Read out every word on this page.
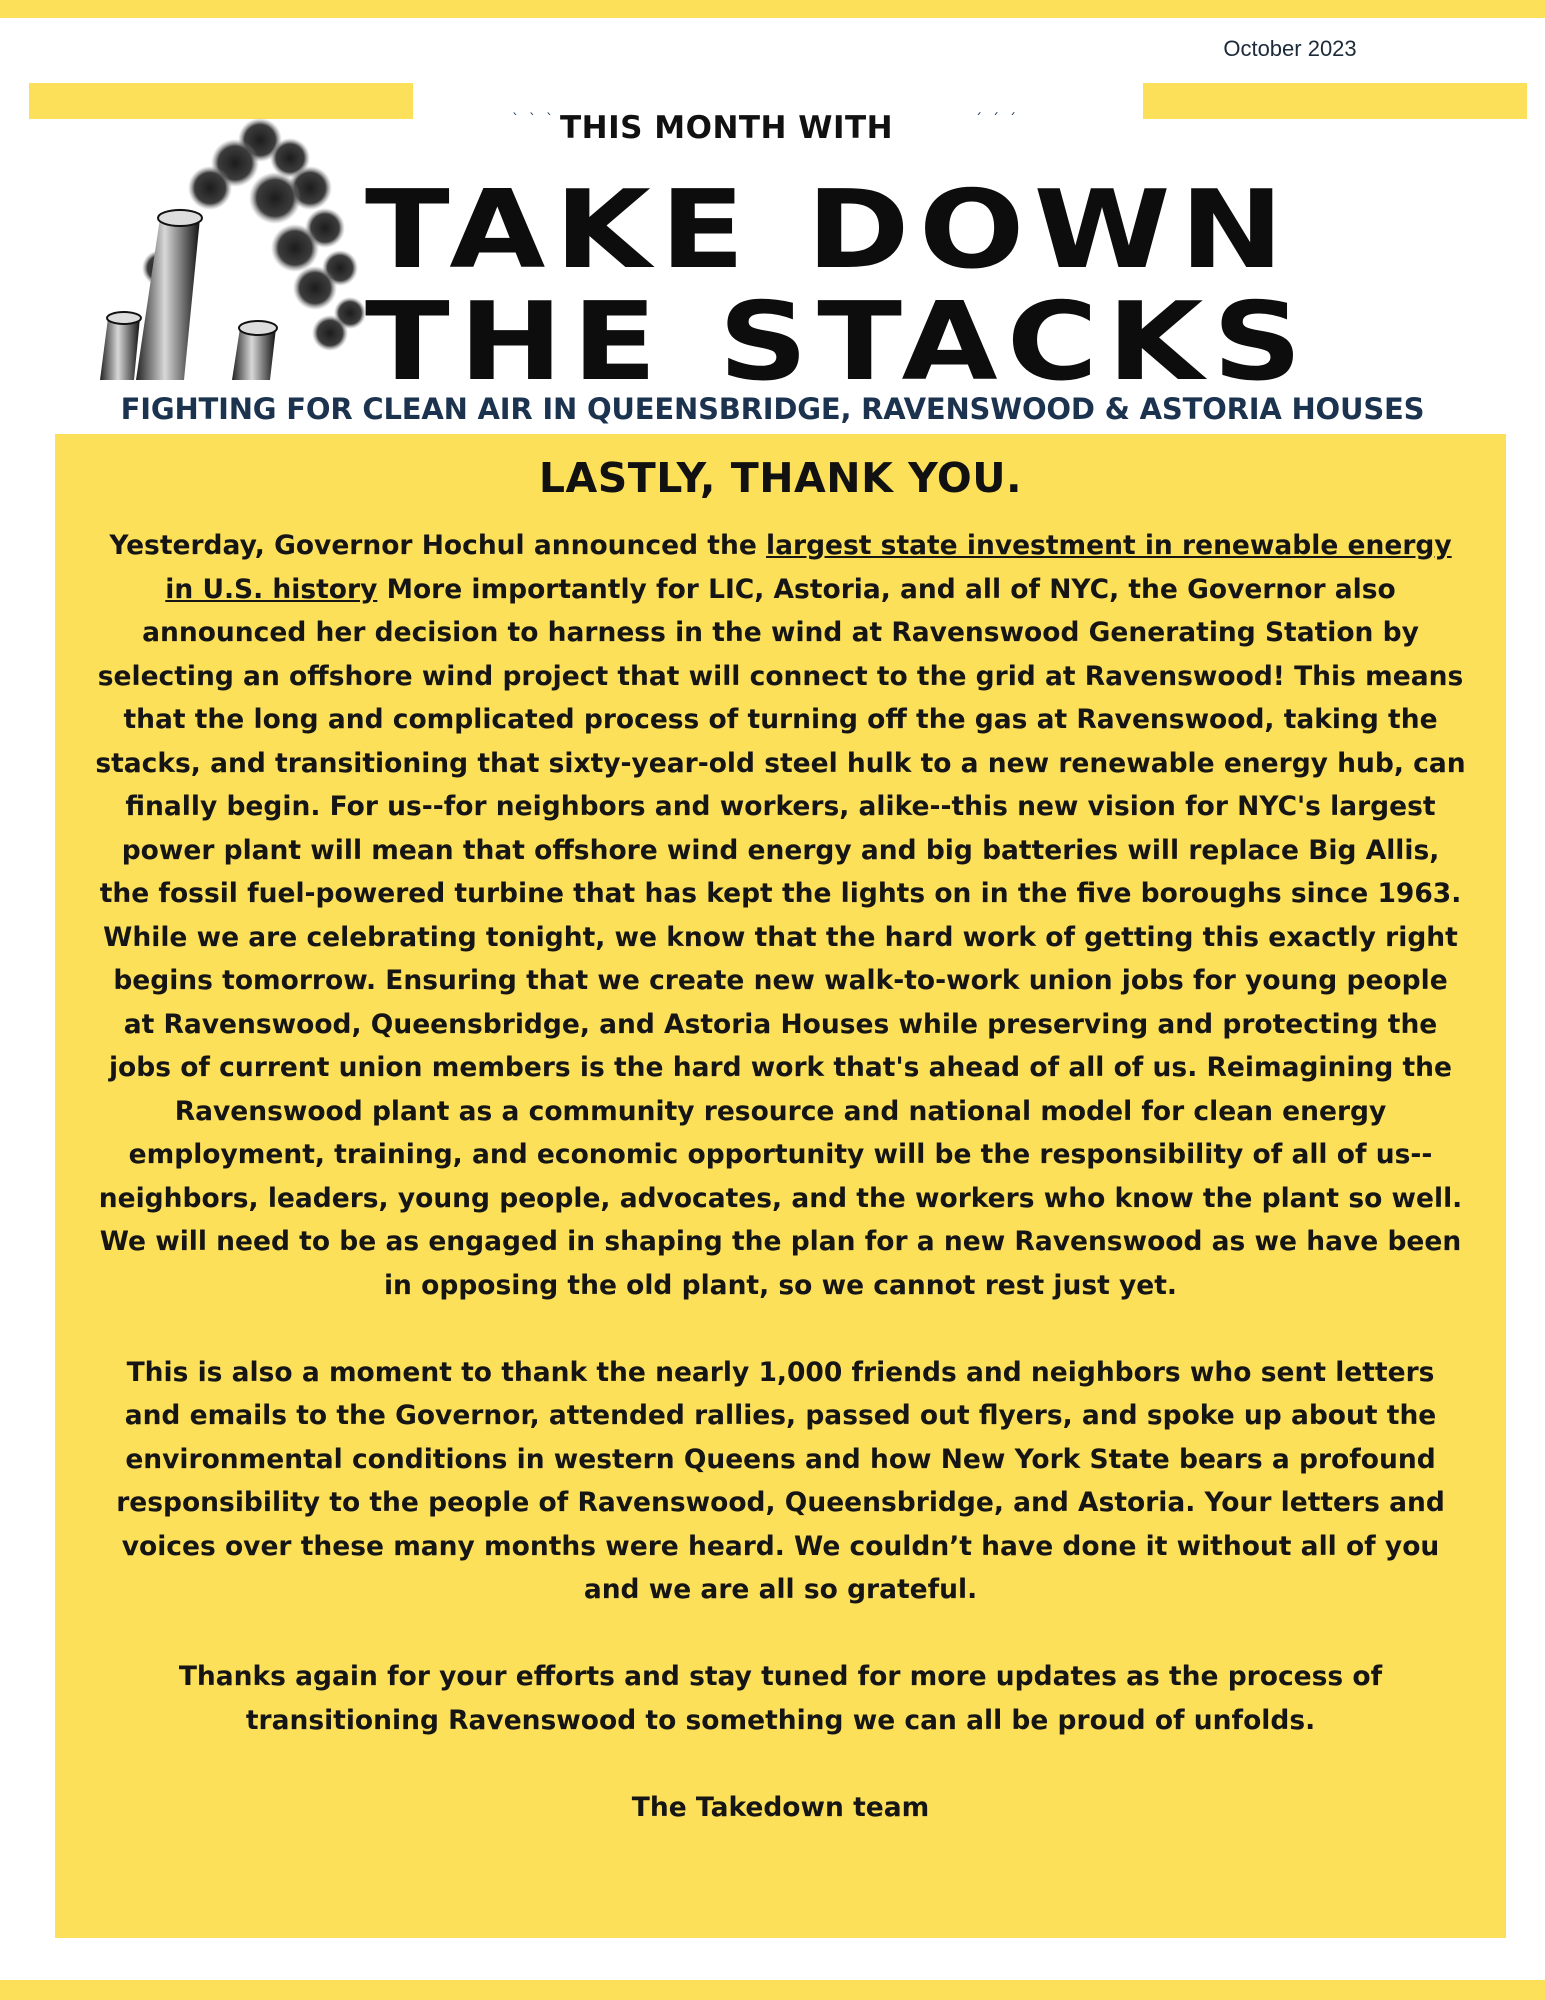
October 2023
ˋˋˋ	ˊˊˊ
THIS MONTH WITH
TAKE DOWN
THE STACKS
FIGHTING FOR CLEAN AIR IN QUEENSBRIDGE, RAVENSWOOD & ASTORIA HOUSES
LASTLY, THANK YOU.

Yesterday, Governor Hochul announced the largest state investment in renewable energy in U.S. history More importantly for LIC, Astoria, and all of NYC, the Governor also announced her decision to harness in the wind at Ravenswood Generating Station by selecting an offshore wind project that will connect to the grid at Ravenswood! This means that the long and complicated process of turning off the gas at Ravenswood, taking the stacks, and transitioning that sixty-year-old steel hulk to a new renewable energy hub, can finally begin. For us--for neighbors and workers, alike--this new vision for NYC's largest power plant will mean that offshore wind energy and big batteries will replace Big Allis, the fossil fuel-powered turbine that has kept the lights on in the five boroughs since 1963. While we are celebrating tonight, we know that the hard work of getting this exactly right begins tomorrow. Ensuring that we create new walk-to-work union jobs for young people at Ravenswood, Queensbridge, and Astoria Houses while preserving and protecting the jobs of current union members is the hard work that's ahead of all of us. Reimagining the Ravenswood plant as a community resource and national model for clean energy employment, training, and economic opportunity will be the responsibility of all of us-- neighbors, leaders, young people, advocates, and the workers who know the plant so well. We will need to be as engaged in shaping the plan for a new Ravenswood as we have been in opposing the old plant, so we cannot rest just yet.

This is also a moment to thank the nearly 1,000 friends and neighbors who sent letters and emails to the Governor, attended rallies, passed out flyers, and spoke up about the environmental conditions in western Queens and how New York State bears a profound responsibility to the people of Ravenswood, Queensbridge, and Astoria. Your letters and voices over these many months were heard. We couldn’t have done it without all of you and we are all so grateful.

Thanks again for your efforts and stay tuned for more updates as the process of transitioning Ravenswood to something we can all be proud of unfolds.

The Takedown team
